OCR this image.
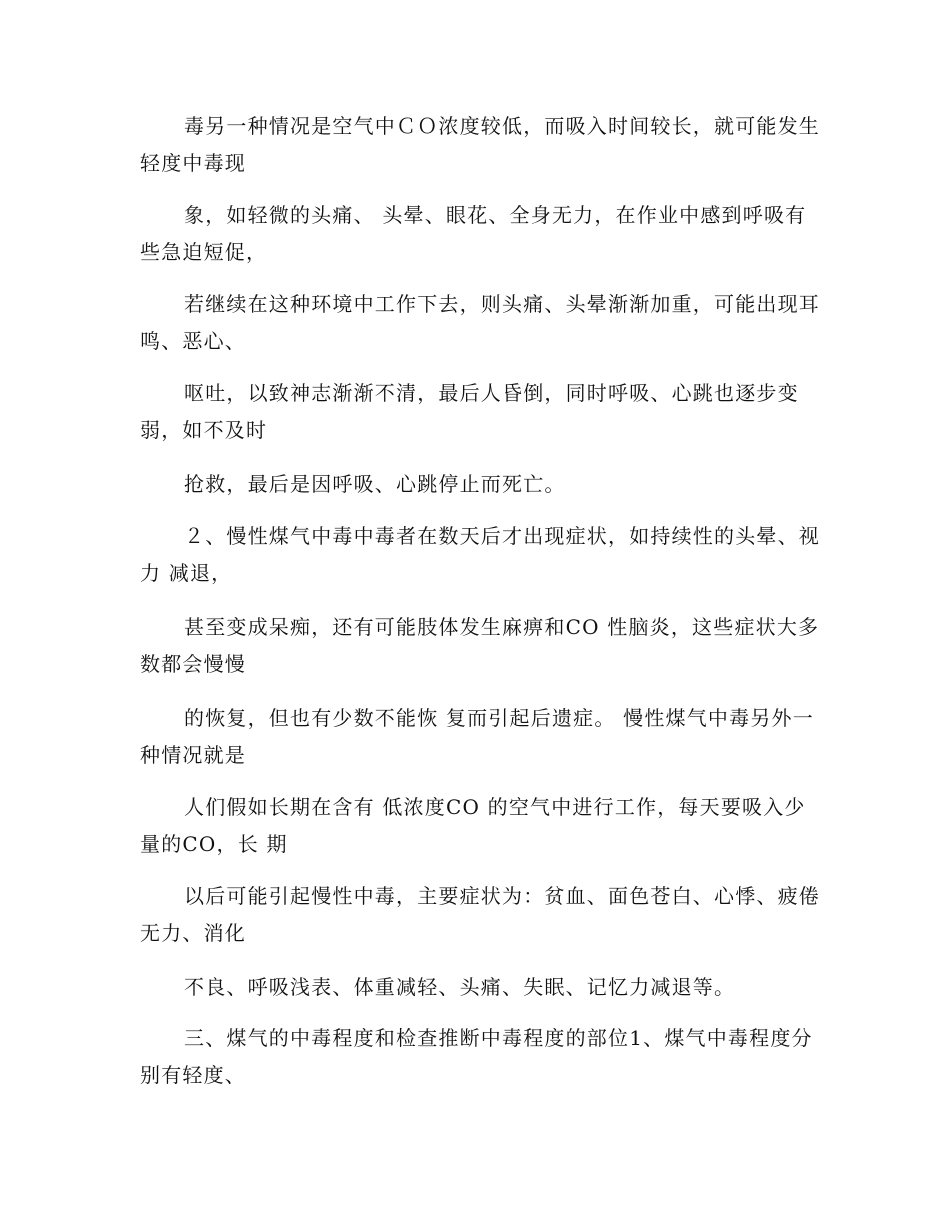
毒另一种情况是空气中ＣＯ浓度较低，而吸入时间较长，就可能发生轻度中毒现

象，如轻微的头痛、 头晕、眼花、全身无力，在作业中感到呼吸有些急迫短促，

若继续在这种环境中工作下去，则头痛、头晕渐渐加重，可能出现耳鸣、恶心、

呕吐，以致神志渐渐不清，最后人昏倒，同时呼吸、心跳也逐步变弱，如不及时

抢救，最后是因呼吸、心跳停止而死亡。

２、慢性煤气中毒中毒者在数天后才出现症状，如持续性的头晕、视力 减退，

甚至变成呆痴，还有可能肢体发生麻痹和CO 性脑炎，这些症状大多数都会慢慢

的恢复，但也有少数不能恢 复而引起后遗症。 慢性煤气中毒另外一种情况就是

人们假如长期在含有 低浓度CO 的空气中进行工作，每天要吸入少量的CO，长 期

以后可能引起慢性中毒，主要症状为：贫血、面色苍白、心悸、疲倦无力、消化

不良、呼吸浅表、体重减轻、头痛、失眠、记忆力减退等。

三、煤气的中毒程度和检查推断中毒程度的部位1、煤气中毒程度分别有轻度、
